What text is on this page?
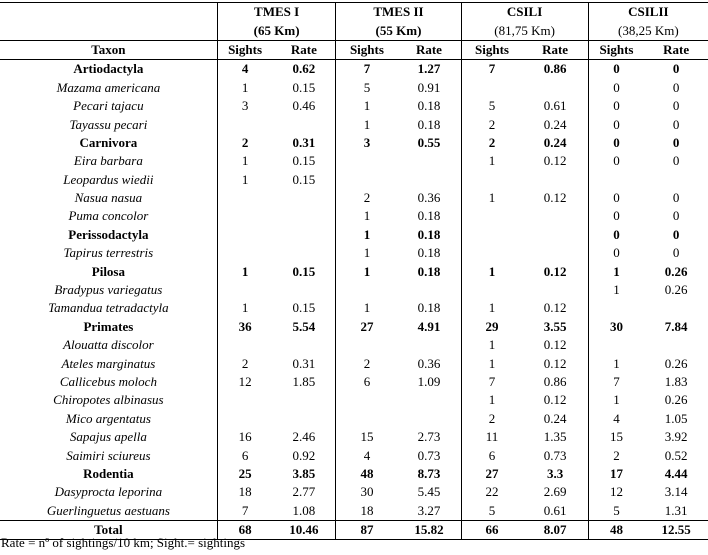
	TMES I		TMES II		CSILI		CSILII	
	(65 Km)		(55 Km)		(81,75 Km)		(38,25 Km)	
Taxon	Sights	Rate	Sights	Rate	Sights	Rate	Sights	Rate
Artiodactyla	4	0.62	7	1.27	7	0.86	0	0
Mazama americana	1	0.15	5	0.91			0	0
Pecari tajacu	3	0.46	1	0.18	5	0.61	0	0
Tayassu pecari			1	0.18	2	0.24	0	0
Carnivora	2	0.31	3	0.55	2	0.24	0	0
Eira barbara	1	0.15			1	0.12	0	0
Leopardus wiedii	1	0.15						
Nasua nasua			2	0.36	1	0.12	0	0
Puma concolor			1	0.18			0	0
Perissodactyla			1	0.18			0	0
Tapirus terrestris			1	0.18			0	0
Pilosa	1	0.15	1	0.18	1	0.12	1	0.26
Bradypus variegatus							1	0.26
Tamandua tetradactyla	1	0.15	1	0.18	1	0.12		
Primates	36	5.54	27	4.91	29	3.55	30	7.84
Alouatta discolor					1	0.12		
Ateles marginatus	2	0.31	2	0.36	1	0.12	1	0.26
Callicebus moloch	12	1.85	6	1.09	7	0.86	7	1.83
Chiropotes albinasus					1	0.12	1	0.26
Mico argentatus					2	0.24	4	1.05
Sapajus apella	16	2.46	15	2.73	11	1.35	15	3.92
Saimiri sciureus	6	0.92	4	0.73	6	0.73	2	0.52
Rodentia	25	3.85	48	8.73	27	3.3	17	4.44
Dasyprocta leporina	18	2.77	30	5.45	22	2.69	12	3.14
Guerlinguetus aestuans	7	1.08	18	3.27	5	0.61	5	1.31
Total	68	10.46	87	15.82	66	8.07	48	12.55
Rate = nº of sightings/10 km; Sight.= sightings
